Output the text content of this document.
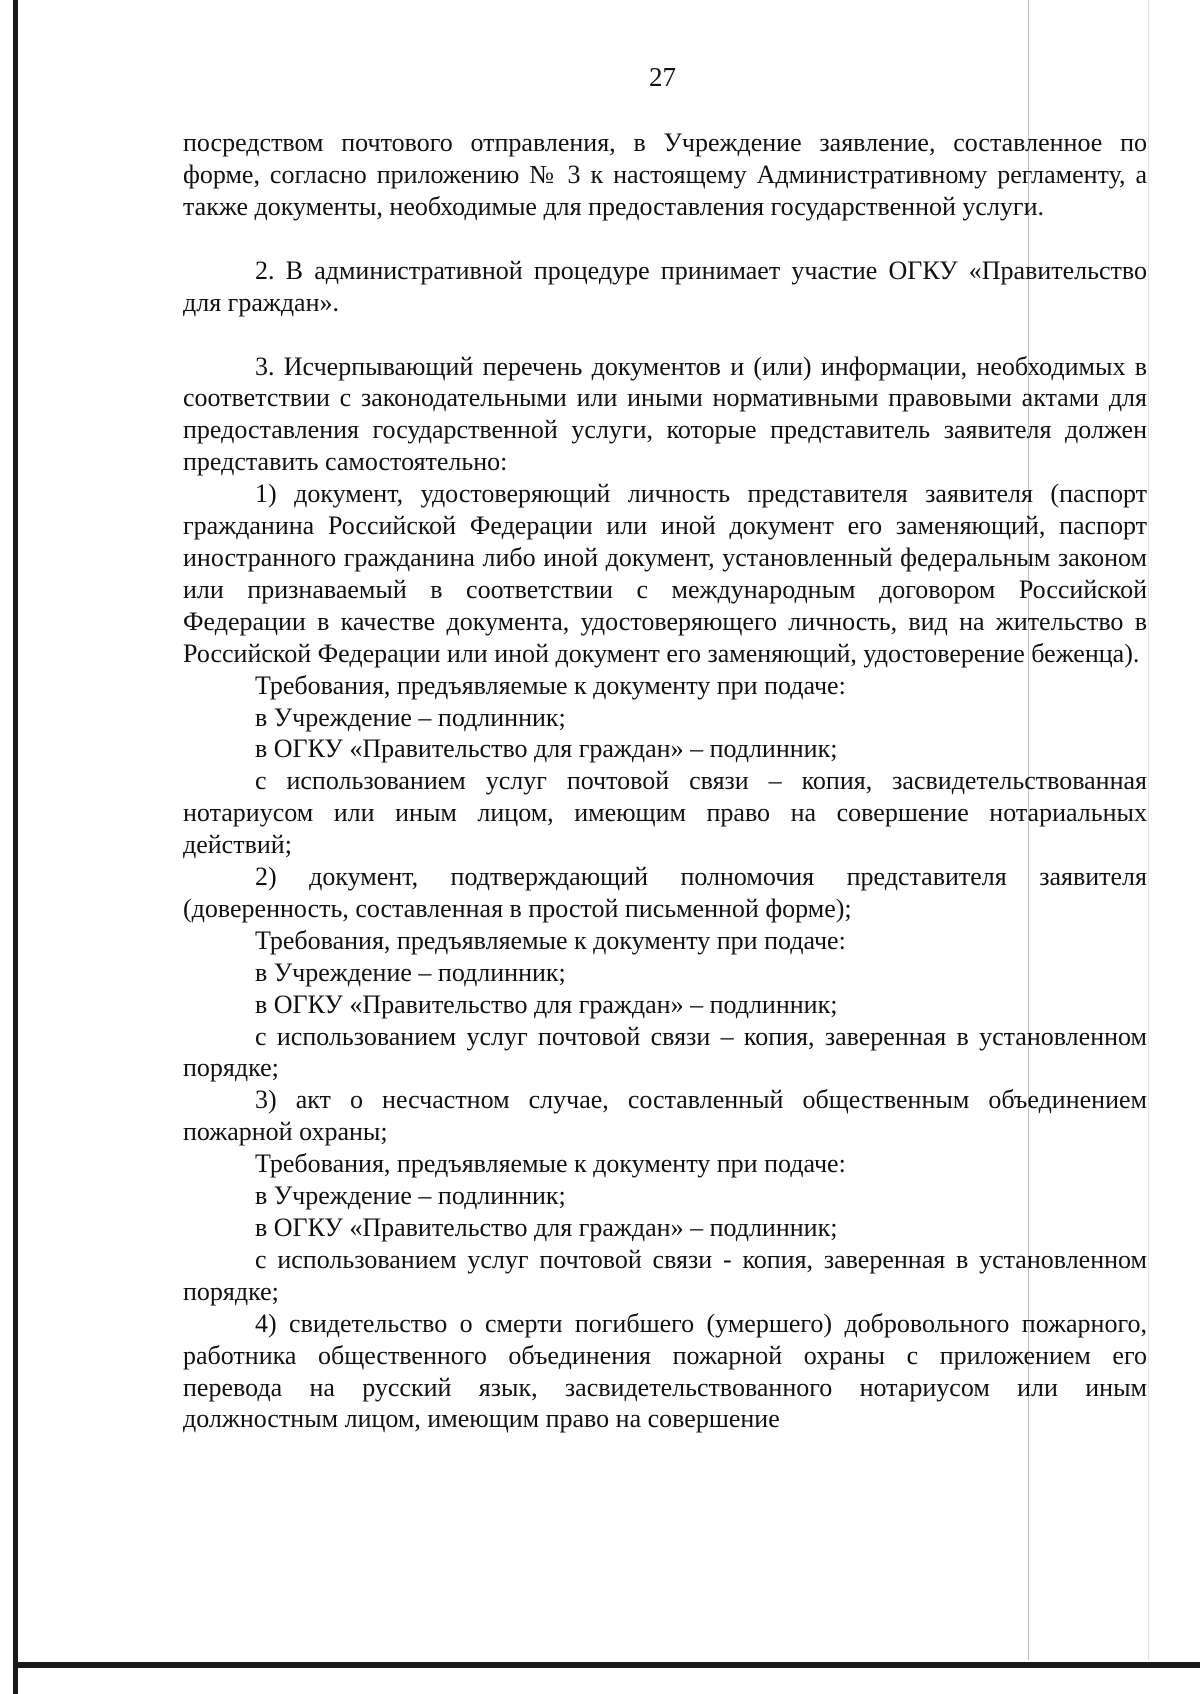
27

посредством почтового отправления, в Учреждение заявление, составленное по форме, согласно приложению № 3 к настоящему Административному регламенту, а также документы, необходимые для предоставления государственной услуги.

2. В административной процедуре принимает участие ОГКУ «Правительство для граждан».

3. Исчерпывающий перечень документов и (или) информации, необходимых в соответствии с законодательными или иными нормативными правовыми актами для предоставления государственной услуги, которые представитель заявителя должен представить самостоятельно:

1) документ, удостоверяющий личность представителя заявителя (паспорт гражданина Российской Федерации или иной документ его заменяющий, паспорт иностранного гражданина либо иной документ, установленный федеральным законом или признаваемый в соответствии с международным договором Российской Федерации в качестве документа, удостоверяющего личность, вид на жительство в Российской Федерации или иной документ его заменяющий, удостоверение беженца).

Требования, предъявляемые к документу при подаче:

в Учреждение – подлинник;

в ОГКУ «Правительство для граждан» – подлинник;

с использованием услуг почтовой связи – копия, засвидетельствованная нотариусом или иным лицом, имеющим право на совершение нотариальных действий;

2) документ, подтверждающий полномочия представителя заявителя (доверенность, составленная в простой письменной форме);

Требования, предъявляемые к документу при подаче:

в Учреждение – подлинник;

в ОГКУ «Правительство для граждан» – подлинник;

с использованием услуг почтовой связи – копия, заверенная в установленном порядке;

3) акт о несчастном случае, составленный общественным объединением пожарной охраны;

Требования, предъявляемые к документу при подаче:

в Учреждение – подлинник;

в ОГКУ «Правительство для граждан» – подлинник;

с использованием услуг почтовой связи - копия, заверенная в установленном порядке;

4) свидетельство о смерти погибшего (умершего) добровольного пожарного, работника общественного объединения пожарной охраны с приложением его перевода на русский язык, засвидетельствованного нотариусом или иным должностным лицом, имеющим право на совершение
